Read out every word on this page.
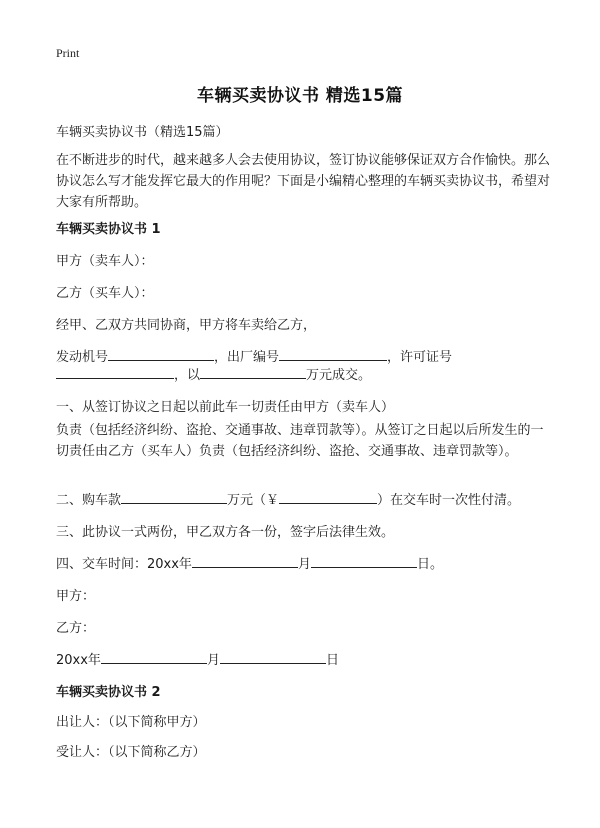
Print
车辆买卖协议书 精选15篇
车辆买卖协议书（精选15篇）
在不断进步的时代，越来越多人会去使用协议，签订协议能够保证双方合作愉快。那么协议怎么写才能发挥它最大的作用呢？下面是小编精心整理的车辆买卖协议书，希望对大家有所帮助。
车辆买卖协议书 1
甲方（卖车人）：
乙方（买车人）：
经甲、乙双方共同协商，甲方将车卖给乙方，
发动机号	，出厂编号	，许可证号
，以	万元成交。
一、从签订协议之日起以前此车一切责任由甲方（卖车人）
负责（包括经济纠纷、盗抢、交通事故、违章罚款等）。从签订之日起以后所发生的一切责任由乙方（买车人）负责（包括经济纠纷、盗抢、交通事故、违章罚款等）。
二、购车款	万元（￥	）在交车时一次性付清。
三、此协议一式两份，甲乙双方各一份，签字后法律生效。
四、交车时间：20xx年	月	日。
甲方：
乙方：
20xx年	月	日
车辆买卖协议书 2
出让人：（以下简称甲方）
受让人：（以下简称乙方）
